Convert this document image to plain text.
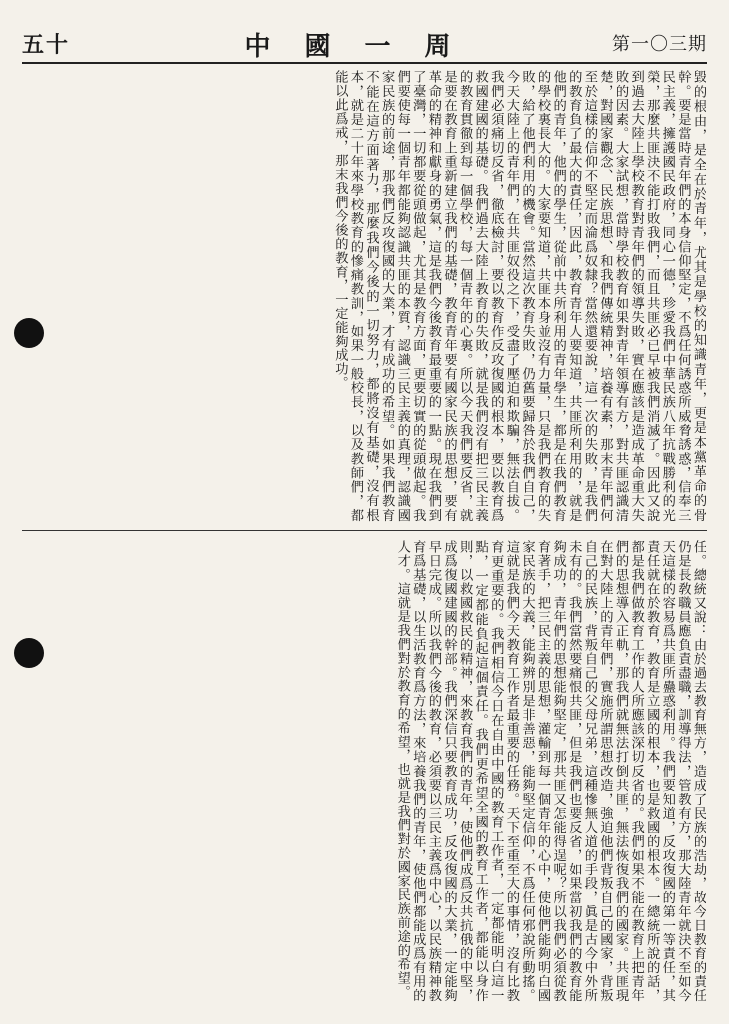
五十	中國一周	第一〇三期

毀的根由，是全在於青年，尤其是學校的知識青年，更是本黨革命的骨幹。要是當時青年們的本身信仰堅定，不爲任何誘惑所威脅誘惑，信奉三民主義，擁護國民政府，同心一德，珍愛我們中華民族八年抗戰勝利的光榮，那麼共匪決不能打敗我們，而且共匪必已早被我們消滅了。因此又說到過去大陸上學校教育對青年們的領導失敗，實在應該是造成革命重大失敗的因素。大家試想，當時學校教育如果對青年領導有方，對共匪認識清楚，對國家觀念、民族思想、和我們傳統精神，培養有素，那末青年們何至於這樣的信仰不堅定而淪爲奴隸？當然還要說，這一次的失敗，是我們的教育負了最大的責任，因此，教育青年人要知道，共匪所利用的，就是他們的青年，他們的學生，從前中共所利用的青年學生，都是在我們教育的學校裏長大的。大家要知道，共匪本身並沒有力量，只是我們教育的失敗，給了他們利用的機會。當然這次教育失敗，仍舊要歸咎於我們自己，今天大陸上的青年們，在共匪奴役之下，受盡了壓迫和欺騙，無法自拔。我們必須痛切反省，徹底檢討，要以教育作反攻復國的根本，要以教育爲救國建國的基礎。我們過去大陸上教育的失敗，就是我們沒有把三民主義的教育貫徹到每一個學校，每一個青年的心裏。所以今天我們要反省，就是要在教育上重新建立我們的基礎，教育青年要有國家民族的思想，要有革命的精神和獻身的勇氣，這是我們今後教育最重要的一點。現在我們到了臺灣，一切都要從頭做起，尤其是教育方面，更要切實的從頭做起。我們要使每一個青年都能夠認識共匪的本質，認識三民主義的真理，認識國家民族的前途，那我們反攻復國的大業，才有成功的希望。如果我們教育不能在這方面著力，那麼我們今後的一切努力，都將沒有基礎，沒有根本，就是二十年來學校教育的慘痛教訓，如果一般校長，以及教師們，都能以此爲戒，那末我們今後的教育，一定能夠成功。

任。總統又說：由於過去教育無方，造成了民族的浩劫，故今日教育的責任仍是長敎職員應負責盡職，訓導得法，管教有方，那大陸青年就決不至如今天這樣的容易爲共匪所蠱惑利用。我們要知道，反攻復國的第一等責任，其責任就在於教育，教育是立國的根本，也是救國的根本。一總統所說的話，都是我們做教育工作的人所應該深切反省的。我們如果不能在教育上把青年們的思想導入正軌，那我們就無法打倒共匪，無法恢復我們的國家。共匪現在對大陸上的青年們，實施所謂思想改造，強迫他們背叛自己的國家，背叛自己的民族，背叛自己的父母兄弟，這種慘無人道的手段，眞是古今中外所未有的。我們當然要痛恨共匪，但是我們也要反省，如果當初我們的教育能夠成功，青年們的思想能夠堅定，那共匪又怎能得逞呢？所以我們必須從教育著手，把三民主義的思想，灌輸到每一個青年的心中，使他們能夠明白國家民族的大義，能夠辨別是非善惡，能夠堅定信仰，不爲任何邪說所動搖。這就是我們今天教育工作者最重要的任務。天下至重至大的事情，沒有比教育更重要的。我們相信今日在自由中國的教育工作者，一定都能明白這一點，一定都能負起這個責任。我們更希望全國的教育工作者，都能以身作則，以救國救民的精神，來教育我們的青年，使他們成爲反共抗俄的中堅，成爲復國建國的幹部。我們深信只要教育成功，反攻復國的大業，一定能夠早日完成。所以我們今後的教育，必須要以三民主義爲中心，以民族精神教育爲基礎，以生活教育爲方法，來培養我們的青年，使他們都能成爲有用的人才。這就是我們對於教育的希望，也就是我們對於國家民族前途的希望。
